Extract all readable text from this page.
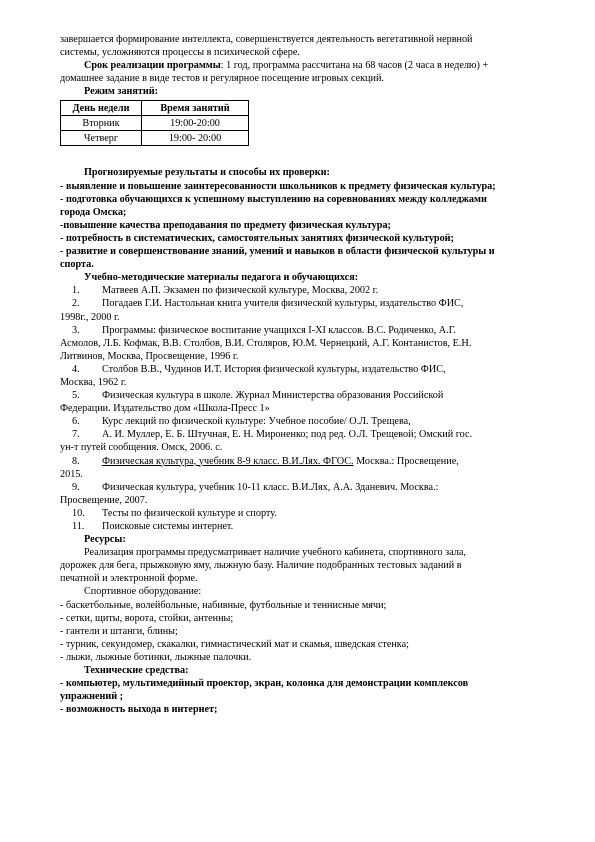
завершается формирование интеллекта, совершенствуется деятельность вегетативной нервной

системы, усложняются процессы в психической сфере.

Срок реализации программы: 1 год, программа рассчитана на 68 часов (2 часа в неделю) +

домашнее задание в виде тестов и регулярное посещение игровых секций.

Режим занятий:

День недели	Время занятий
Вторник	19:00-20:00
Четверг	19:00- 20:00

Прогнозируемые результаты и способы их проверки:

- выявление и повышение заинтересованности школьников к предмету физическая культура;

- подготовка обучающихся к успешному выступлению на соревнованиях между колледжами

города Омска;

-повышение качества преподавания по предмету физическая культура;

- потребность в систематических, самостоятельных занятиях физической культурой;

- развитие и совершенствование знаний, умений и навыков в области физической культуры и

спорта.

Учебно-методические материалы педагога и обучающихся:

1. Матвеев А.П. Экзамен по физической культуре, Москва, 2002 г.

2. Погадаев Г.И. Настольная книга учителя физической культуры, издательство ФИС,

1998г., 2000 г.

3. Программы: физическое воспитание учащихся I-XI классов. В.С. Родиченко, А.Г.

Асмолов, Л.Б. Кофмак, В.В. Столбов, В.И. Столяров, Ю.М. Чернецкий, А.Г. Контанистов, Е.Н.

Литвинов, Москва, Просвещение, 1996 г.

4. Столбов В.В., Чудинов И.Т. История физической культуры, издательство ФИС,

Москва, 1962 г.

5. Физическая культура в школе. Журнал Министерства образования Российской

Федерации. Издательство дом «Школа-Пресс 1»

6. Курс лекций по физической культуре: Учебное пособие/ О.Л. Трещева,

7. А. И. Муллер, Е. Б. Штучная, Е. Н. Мироненко; под ред. О.Л. Трещевой; Омский гос.

ун-т путей сообщения. Омск, 2006. с.

8. Физическая культура, учебник 8-9 класс. В.И.Лях. ФГОС. Москва.: Просвещение,

2015.

9. Физическая культура, учебник 10-11 класс. В.И.Лях, А.А. Зданевич. Москва.:

Просвещение, 2007.

10. Тесты по физической культуре и спорту.

11. Поисковые системы интернет.

Ресурсы:

Реализация программы предусматривает наличие учебного кабинета, спортивного зала,

дорожек для бега, прыжковую яму, лыжную базу. Наличие подобранных тестовых заданий в

печатной и электронной форме.

Спортивное оборудование:

- баскетбольные, волейбольные, набивные, футбольные и теннисные мячи;

- сетки, щиты, ворота, стойки, антенны;

- гантели и штанги, блины;

- турник, секундомер, скакалки, гимнастический мат и скамья, шведская стенка;

- лыжи, лыжные ботинки, лыжные палочки.

Технические средства:

- компьютер, мультимедийный проектор, экран, колонка для демонстрации комплексов

упражнений ;

- возможность выхода в интернет;
